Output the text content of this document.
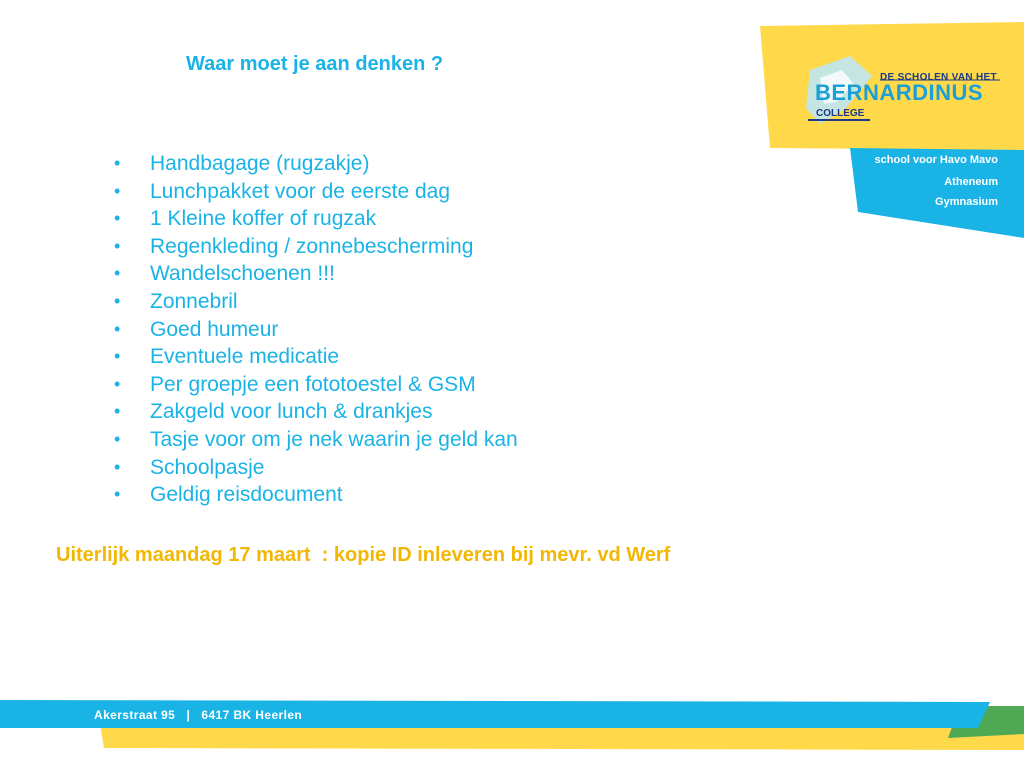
Waar moet je aan denken ?
• Handbagage (rugzakje)
• Lunchpakket voor de eerste dag
• 1 Kleine koffer of rugzak
• Regenkleding / zonnebescherming
• Wandelschoenen !!!
• Zonnebril
• Goed humeur
• Eventuele medicatie
• Per groepje een fototoestel & GSM
• Zakgeld voor lunch & drankjes
• Tasje voor om je nek waarin je geld kan
• Schoolpasje
• Geldig reisdocument
Uiterlijk maandag 17 maart  : kopie ID inleveren bij mevr. vd Werf
DE SCHOLEN VAN HET
BERNARDINUS
COLLEGE
school voor Havo Mavo
Atheneum
Gymnasium
Akerstraat 95   |   6417 BK Heerlen
